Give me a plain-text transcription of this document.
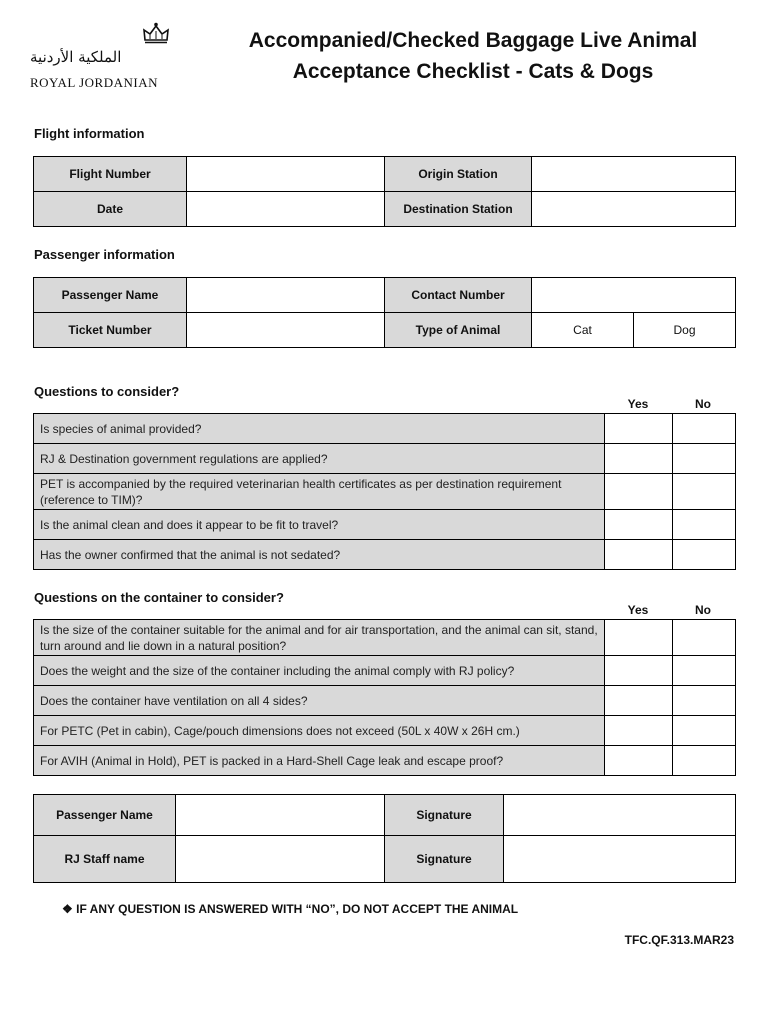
الملكية الأردنية
ROYAL JORDANIAN
Accompanied/Checked Baggage Live Animal
Acceptance Checklist - Cats & Dogs
Flight information
Flight Number		Origin Station	
Date		Destination Station	
Passenger information
Passenger Name		Contact Number		
Ticket Number		Type of Animal	Cat	Dog
Questions to consider?
Yes	No
Is species of animal provided?		
RJ & Destination government regulations are applied?		
PET is accompanied by the required veterinarian health certificates as per destination requirement (reference to TIM)?		
Is the animal clean and does it appear to be fit to travel?		
Has the owner confirmed that the animal is not sedated?		
Questions on the container to consider?
Yes	No
Is the size of the container suitable for the animal and for air transportation, and the animal can sit, stand, turn around and lie down in a natural position?		
Does the weight and the size of the container including the animal comply with RJ policy?		
Does the container have ventilation on all 4 sides?		
For PETC (Pet in cabin), Cage/pouch dimensions does not exceed (50L x 40W x 26H cm.)		
For AVIH (Animal in Hold), PET is packed in a Hard-Shell Cage leak and escape proof?		
Passenger Name		Signature	
RJ Staff name		Signature	
❖ IF ANY QUESTION IS ANSWERED WITH “NO”, DO NOT ACCEPT THE ANIMAL
TFC.QF.313.MAR23
